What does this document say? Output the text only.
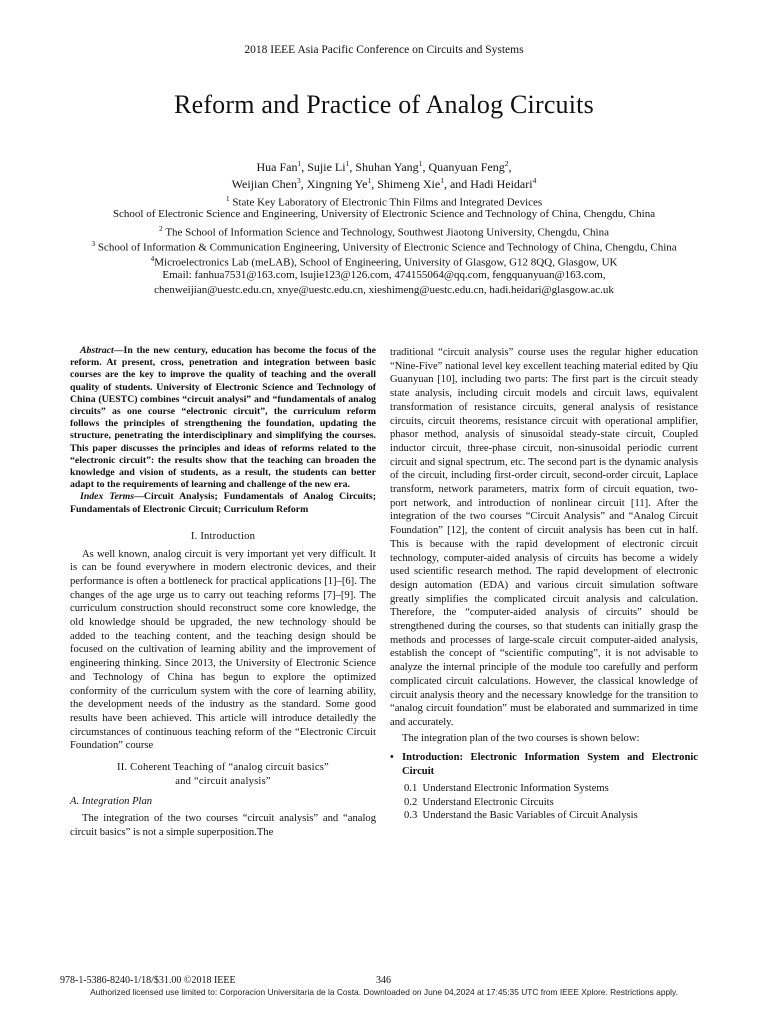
2018 IEEE Asia Pacific Conference on Circuits and Systems
Reform and Practice of Analog Circuits
Hua Fan$^1$, Sujie Li$^1$, Shuhan Yang$^1$, Quanyuan Feng$^2$,
Weijian Chen$^3$, Xingning Ye$^1$, Shimeng Xie$^1$, and Hadi Heidari$^4$
$^1$ State Key Laboratory of Electronic Thin Films and Integrated Devices
School of Electronic Science and Engineering, University of Electronic Science and Technology of China, Chengdu, China
$^2$ The School of Information Science and Technology, Southwest Jiaotong University, Chengdu, China
$^3$ School of Information & Communication Engineering, University of Electronic Science and Technology of China, Chengdu, China
$^4$Microelectronics Lab (meLAB), School of Engineering, University of Glasgow, G12 8QQ, Glasgow, UK
Email: fanhua7531@163.com, lsujie123@126.com, 474155064@qq.com, fengquanyuan@163.com,
chenweijian@uestc.edu.cn, xnye@uestc.edu.cn, xieshimeng@uestc.edu.cn, hadi.heidari@glasgow.ac.uk
Abstract—In the new century, education has become the focus of the reform. At present, cross, penetration and integration between basic courses are the key to improve the quality of teaching and the overall quality of students. University of Electronic Science and Technology of China (UESTC) combines “circuit analysi” and “fundamentals of analog circuits” as one course “electronic circuit”, the curriculum reform follows the principles of strengthening the foundation, updating the structure, penetrating the interdisciplinary and simplifying the courses. This paper discusses the principles and ideas of reforms related to the “electronic circuit”: the results show that the teaching can broaden the knowledge and vision of students, as a result, the students can better adapt to the requirements of learning and challenge of the new era.
Index Terms—Circuit Analysis; Fundamentals of Analog Circuits; Fundamentals of Electronic Circuit; Curriculum Reform
I. Introduction

As well known, analog circuit is very important yet very difficult. It is can be found everywhere in modern electronic devices, and their performance is often a bottleneck for practical applications [1]–[6]. The changes of the age urge us to carry out teaching reforms [7]–[9]. The curriculum construction should reconstruct some core knowledge, the old knowledge should be upgraded, the new technology should be added to the teaching content, and the teaching design should be focused on the cultivation of learning ability and the improvement of engineering thinking. Since 2013, the University of Electronic Science and Technology of China has begun to explore the optimized conformity of the curriculum system with the core of learning ability, the development needs of the industry as the standard. Some good results have been achieved. This article will introduce detailedly the circumstances of continuous teaching reform of the “Electronic Circuit Foundation” course

II. Coherent Teaching of “analog circuit basics”
and “circuit analysis”
A. Integration Plan

The integration of the two courses “circuit analysis” and “analog circuit basics” is not a simple superposition.The

traditional “circuit analysis” course uses the regular higher education “Nine-Five” national level key excellent teaching material edited by Qiu Guanyuan [10], including two parts: The first part is the circuit steady state analysis, including circuit models and circuit laws, equivalent transformation of resistance circuits, general analysis of resistance circuits, circuit theorems, resistance circuit with operational amplifier, phasor method, analysis of sinusoidal steady-state circuit, Coupled inductor circuit, three-phase circuit, non-sinusoidal periodic current circuit and signal spectrum, etc. The second part is the dynamic analysis of the circuit, including first-order circuit, second-order circuit, Laplace transform, network parameters, matrix form of circuit equation, two-port network, and introduction of nonlinear circuit [11]. After the integration of the two courses “Circuit Analysis” and “Analog Circuit Foundation” [12], the content of circuit analysis has been cut in half. This is because with the rapid development of electronic circuit technology, computer-aided analysis of circuits has become a widely used scientific research method. The rapid development of electronic design automation (EDA) and various circuit simulation software greatly simplifies the complicated circuit analysis and calculation. Therefore, the “computer-aided analysis of circuits” should be strengthened during the courses, so that students can initially grasp the methods and processes of large-scale circuit computer-aided analysis, establish the concept of “scientific computing”, it is not advisable to analyze the internal principle of the module too carefully and perform complicated circuit calculations. However, the classical knowledge of circuit analysis theory and the necessary knowledge for the transition to “analog circuit foundation” must be elaborated and summarized in time and accurately.

The integration plan of the two courses is shown below:

• Introduction: Electronic Information System and Electronic Circuit
0.1 Understand Electronic Information Systems
0.2 Understand Electronic Circuits
0.3 Understand the Basic Variables of Circuit Analysis
978-1-5386-8240-1/18/$31.00 ©2018 IEEE	346
Authorized licensed use limited to: Corporacion Universitaria de la Costa. Downloaded on June 04,2024 at 17:45:35 UTC from IEEE Xplore. Restrictions apply.
